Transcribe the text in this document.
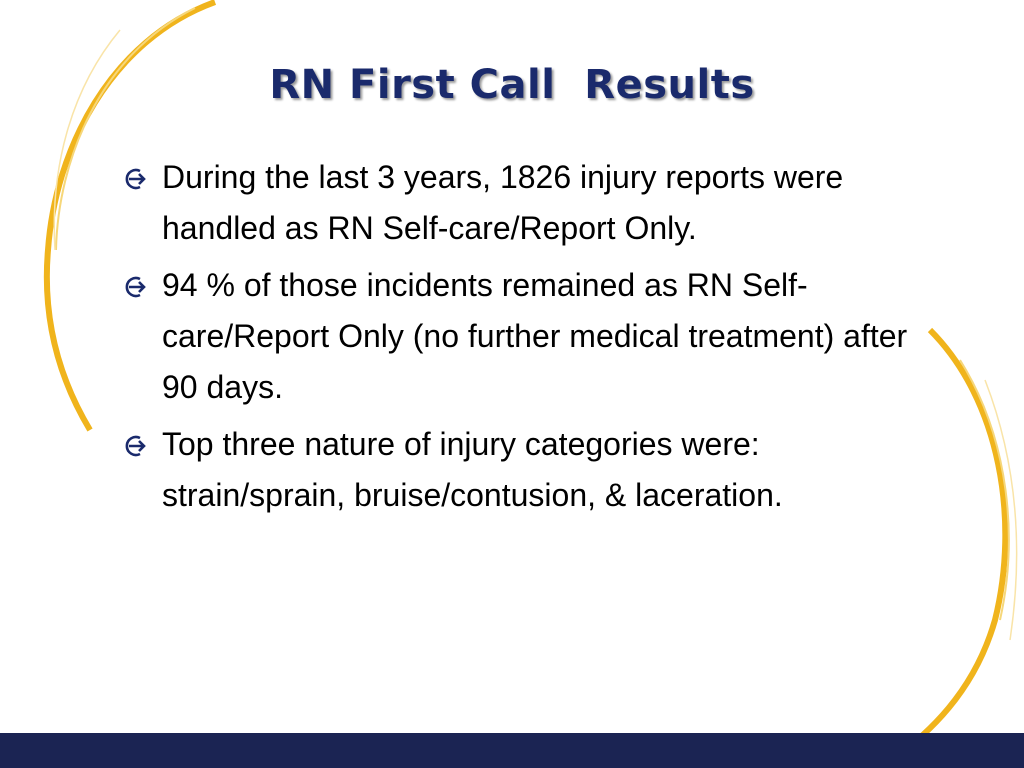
RN First Call  Results
During the last 3 years, 1826 injury reports were handled as RN Self-care/Report Only.
94 % of those incidents remained as RN Self-care/Report Only (no further medical treatment) after 90 days.
Top three nature of injury categories were: strain/sprain, bruise/contusion, & laceration.
